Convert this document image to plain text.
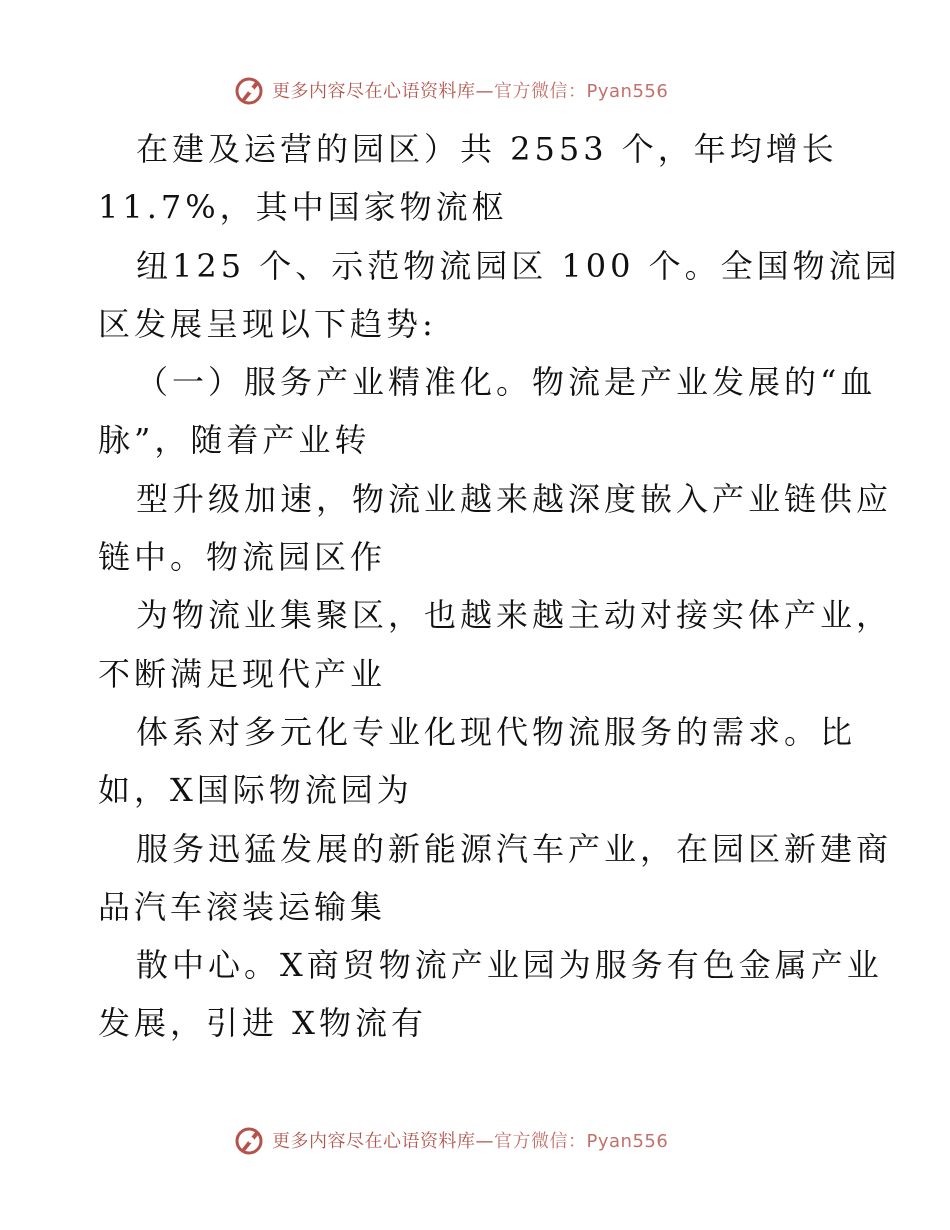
更多内容尽在心语资料库—官方微信：Pyan556
在建及运营的园区）共 2553 个，年均增长
11.7%，其中国家物流枢
纽125 个、示范物流园区 100 个。全国物流园
区发展呈现以下趋势:
（一）服务产业精准化。物流是产业发展的“血
脉”，随着产业转
型升级加速，物流业越来越深度嵌入产业链供应
链中。物流园区作
为物流业集聚区，也越来越主动对接实体产业，
不断满足现代产业
体系对多元化专业化现代物流服务的需求。比
如，X国际物流园为
服务迅猛发展的新能源汽车产业，在园区新建商
品汽车滚装运输集
散中心。X商贸物流产业园为服务有色金属产业
发展，引进 X物流有
更多内容尽在心语资料库—官方微信：Pyan556
